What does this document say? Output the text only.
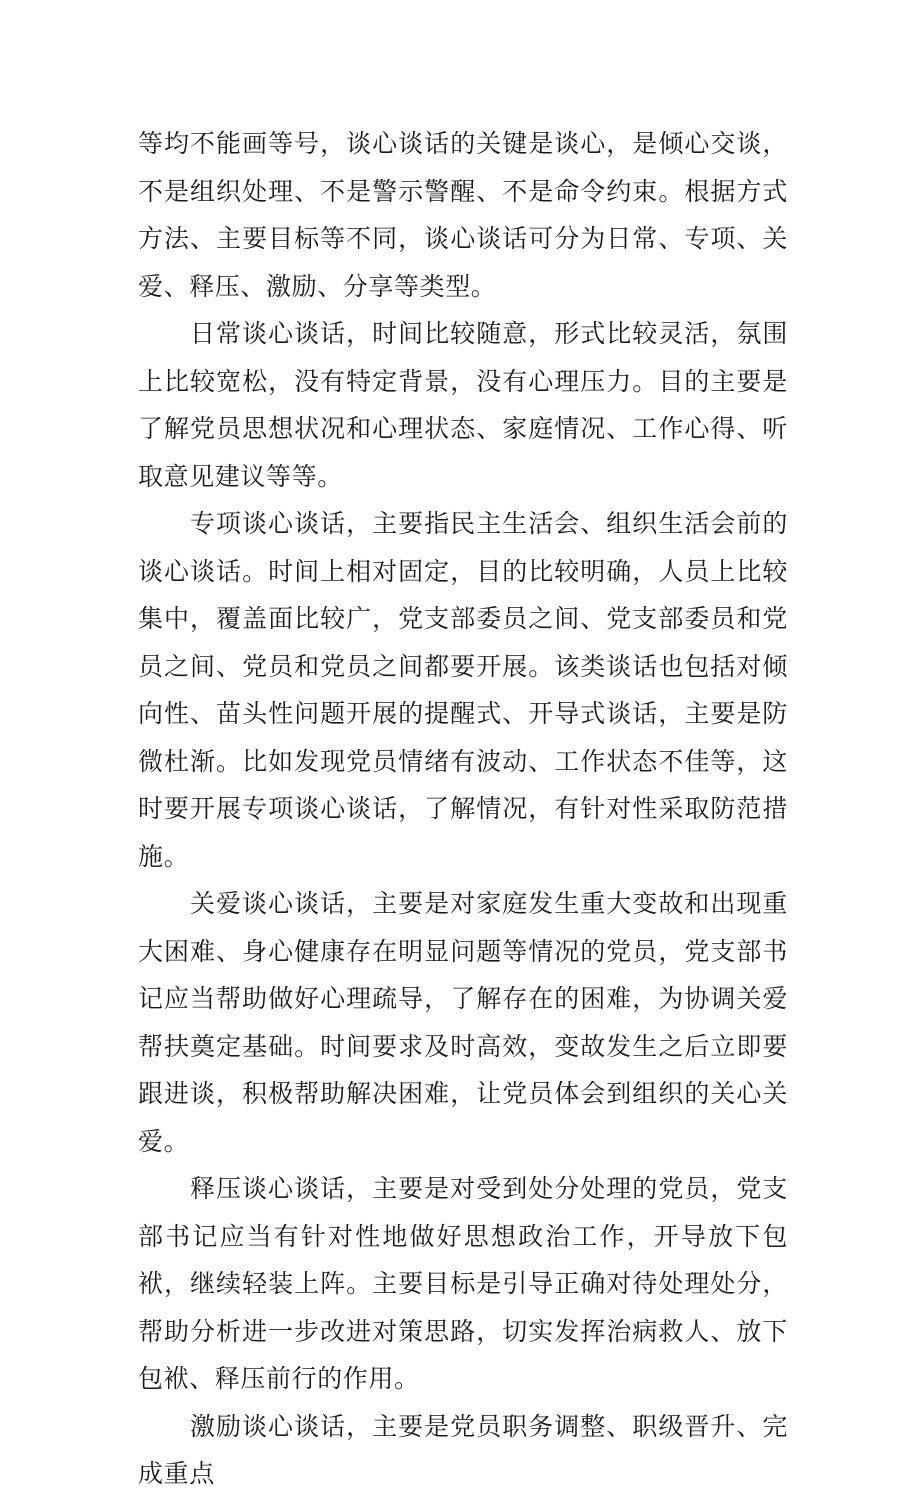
等均不能画等号，谈心谈话的关键是谈心，是倾心交谈，不是组织处理、不是警示警醒、不是命令约束。根据方式方法、主要目标等不同，谈心谈话可分为日常、专项、关爱、释压、激励、分享等类型。

日常谈心谈话，时间比较随意，形式比较灵活，氛围上比较宽松，没有特定背景，没有心理压力。目的主要是了解党员思想状况和心理状态、家庭情况、工作心得、听取意见建议等等。

专项谈心谈话，主要指民主生活会、组织生活会前的谈心谈话。时间上相对固定，目的比较明确，人员上比较集中，覆盖面比较广，党支部委员之间、党支部委员和党员之间、党员和党员之间都要开展。该类谈话也包括对倾向性、苗头性问题开展的提醒式、开导式谈话，主要是防微杜渐。比如发现党员情绪有波动、工作状态不佳等，这时要开展专项谈心谈话，了解情况，有针对性采取防范措施。

关爱谈心谈话，主要是对家庭发生重大变故和出现重大困难、身心健康存在明显问题等情况的党员，党支部书记应当帮助做好心理疏导，了解存在的困难，为协调关爱帮扶奠定基础。时间要求及时高效，变故发生之后立即要跟进谈，积极帮助解决困难，让党员体会到组织的关心关爱。

释压谈心谈话，主要是对受到处分处理的党员，党支部书记应当有针对性地做好思想政治工作，开导放下包袱，继续轻装上阵。主要目标是引导正确对待处理处分，帮助分析进一步改进对策思路，切实发挥治病救人、放下包袱、释压前行的作用。

激励谈心谈话，主要是党员职务调整、职级晋升、完成重点
